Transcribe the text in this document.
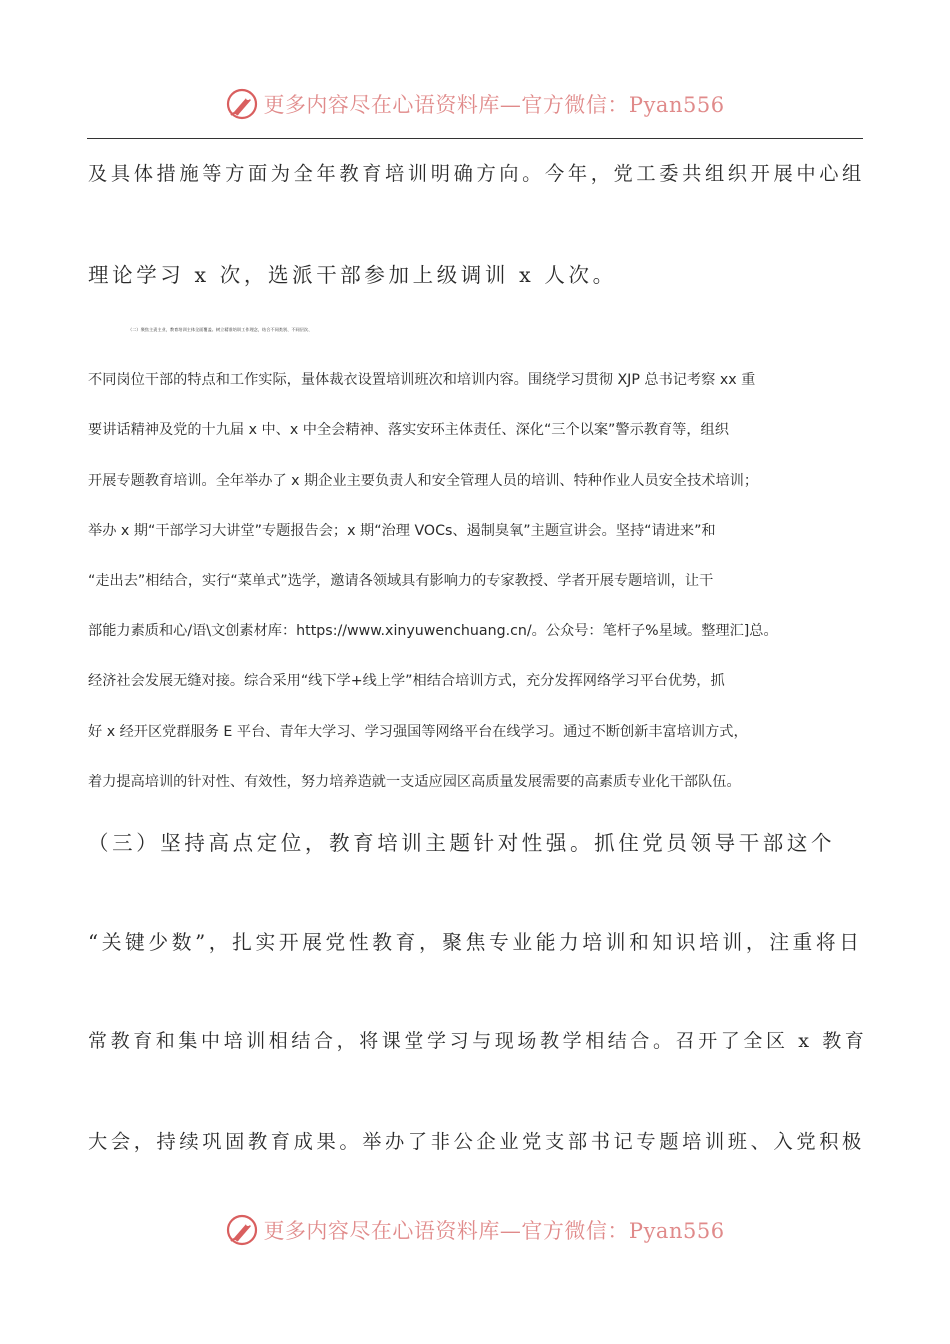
更多内容尽在心语资料库—官方微信：Pyan556
及具体措施等方面为全年教育培训明确方向。今年，党工委共组织开展中心组
理论学习 x 次，选派干部参加上级调训 x 人次。

（二）聚焦主责主业，教育培训主体全面覆盖。树立精准培训工作理念，结合不同类别、不同层次、

不同岗位干部的特点和工作实际，量体裁衣设置培训班次和培训内容。围绕学习贯彻 XJP 总书记考察 xx 重

要讲话精神及党的十九届 x 中、x 中全会精神、落实安环主体责任、深化“三个以案”警示教育等，组织

开展专题教育培训。全年举办了 x 期企业主要负责人和安全管理人员的培训、特种作业人员安全技术培训；

举办 x 期“干部学习大讲堂”专题报告会；x 期“治理 VOCs、遏制臭氧”主题宣讲会。坚持“请进来”和

“走出去”相结合，实行“菜单式”选学，邀请各领域具有影响力的专家教授、学者开展专题培训，让干

部能力素质和心/语\文创素材库：https://www.xinyuwenchuang.cn/。公众号：笔杆子%星域。整理汇]总。

经济社会发展无缝对接。综合采用“线下学+线上学”相结合培训方式，充分发挥网络学习平台优势，抓

好 x 经开区党群服务 E 平台、青年大学习、学习强国等网络平台在线学习。通过不断创新丰富培训方式，

着力提高培训的针对性、有效性，努力培养造就一支适应园区高质量发展需要的高素质专业化干部队伍。

（三）坚持高点定位，教育培训主题针对性强。抓住党员领导干部这个
“关键少数”，扎实开展党性教育，聚焦专业能力培训和知识培训，注重将日
常教育和集中培训相结合，将课堂学习与现场教学相结合。召开了全区 x 教育
大会，持续巩固教育成果。举办了非公企业党支部书记专题培训班、入党积极
更多内容尽在心语资料库—官方微信：Pyan556
